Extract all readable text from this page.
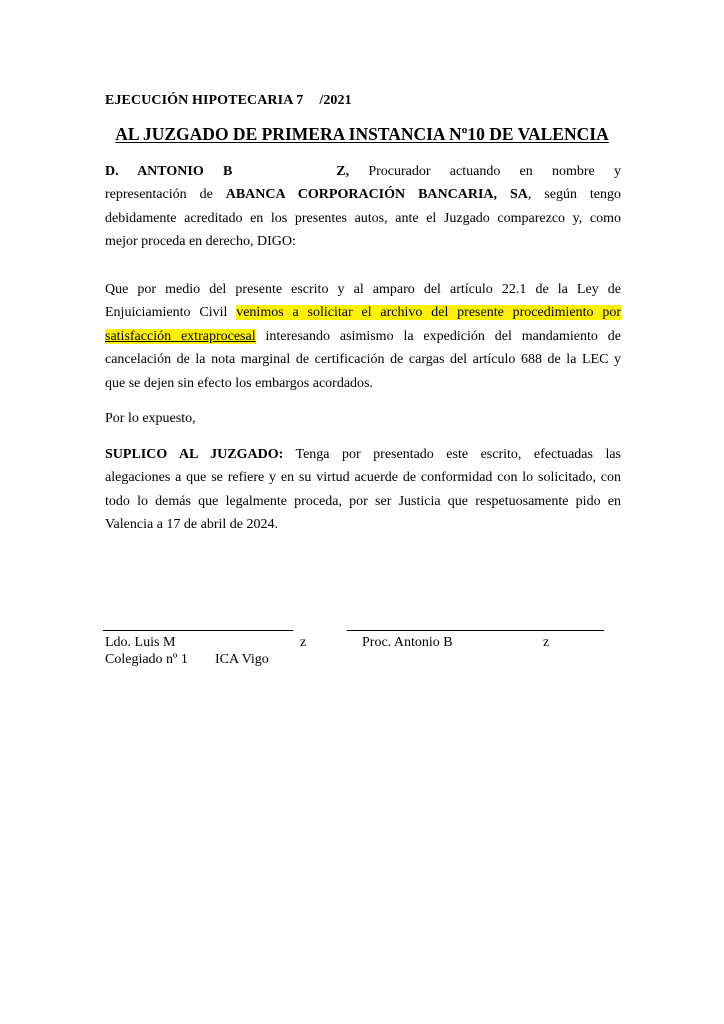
EJECUCIÓN HIPOTECARIA 7 /2021
AL JUZGADO DE PRIMERA INSTANCIA Nº10 DE VALENCIA
D. ANTONIO B	Z, Procurador actuando en nombre y
representación de ABANCA CORPORACIÓN BANCARIA, SA, según tengo
debidamente acreditado en los presentes autos, ante el Juzgado comparezco y, como
mejor proceda en derecho, DIGO:
Que por medio del presente escrito y al amparo del artículo 22.1 de la Ley de
Enjuiciamiento Civil venimos a solicitar el archivo del presente procedimiento por
satisfacción extraprocesal interesando asimismo la expedición del mandamiento de
cancelación de la nota marginal de certificación de cargas del artículo 688 de la LEC y
que se dejen sin efecto los embargos acordados.
Por lo expuesto,
SUPLICO AL JUZGADO: Tenga por presentado este escrito, efectuadas las
alegaciones a que se refiere y en su virtud acuerde de conformidad con lo solicitado, con
todo lo demás que legalmente proceda, por ser Justicia que respetuosamente pido en
Valencia a 17 de abril de 2024.
Ldo. Luis M	z	Proc. Antonio B	z
Colegiado nº 1 ICA Vigo
